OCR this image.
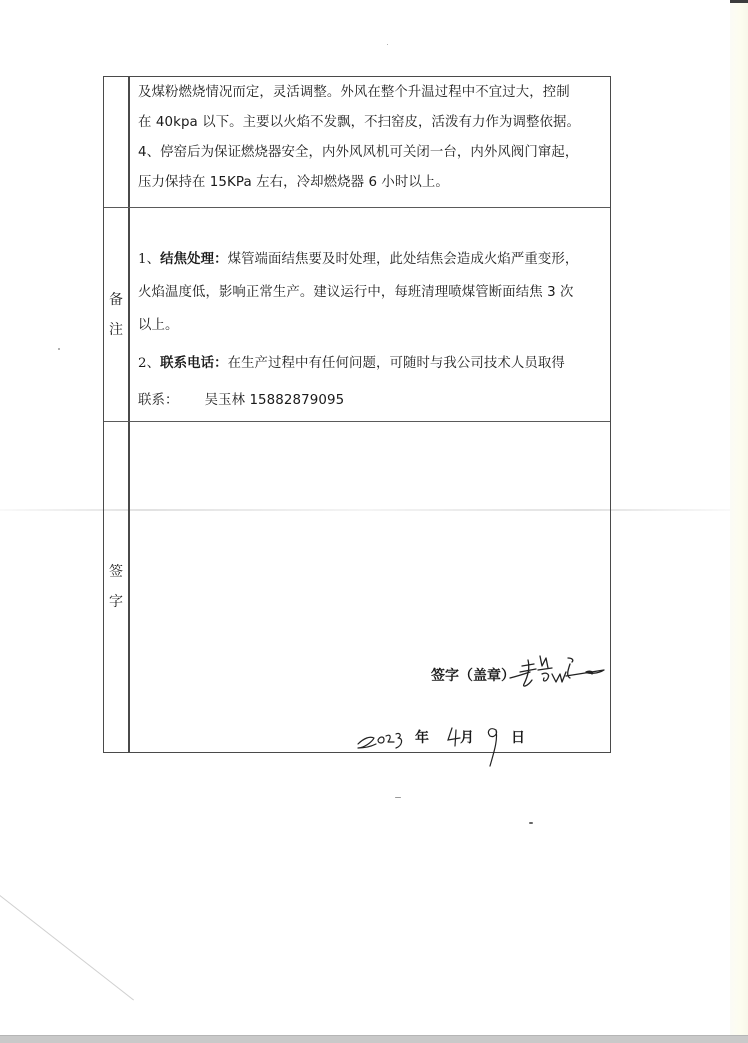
及煤粉燃烧情况而定，灵活调整。外风在整个升温过程中不宜过大，控制
在 40kpa 以下。主要以火焰不发飘，不扫窑皮，活泼有力作为调整依据。
4、停窑后为保证燃烧器安全，内外风风机可关闭一台，内外风阀门窜起，
压力保持在 15KPa 左右，冷却燃烧器 6 小时以上。
备
注
1、结焦处理：煤管端面结焦要及时处理，此处结焦会造成火焰严重变形，
火焰温度低，影响正常生产。建议运行中，每班清理喷煤管断面结焦 3 次
以上。
2、联系电话：在生产过程中有任何问题，可随时与我公司技术人员取得
联系：      吴玉林 15882879095
签
字
签字（盖章）
年 月	日
